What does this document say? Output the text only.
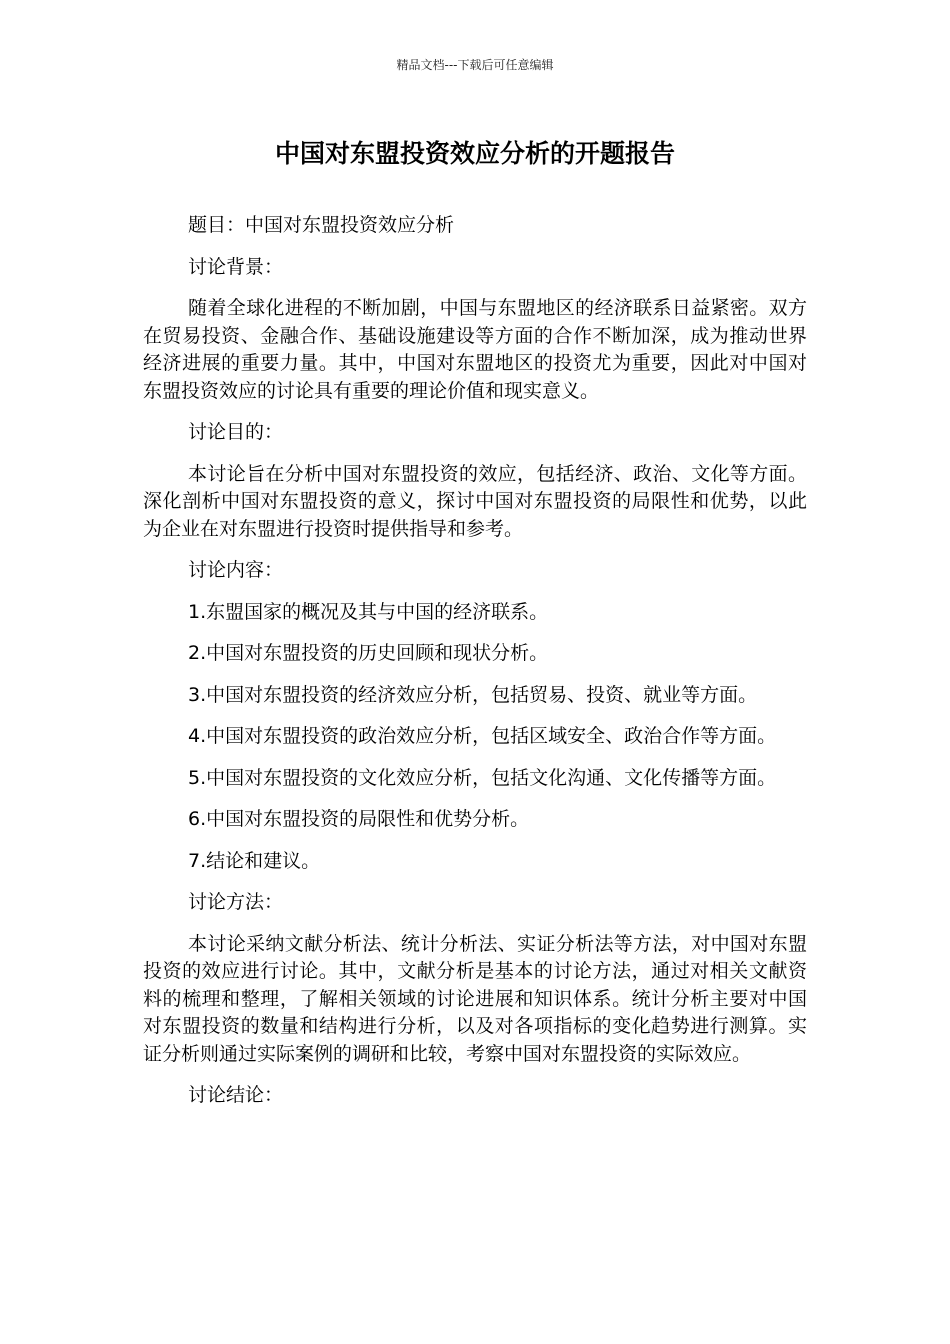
精品文档---下载后可任意编辑
中国对东盟投资效应分析的开题报告

题目：中国对东盟投资效应分析

讨论背景：

随着全球化进程的不断加剧，中国与东盟地区的经济联系日益紧密。双方在贸易投资、金融合作、基础设施建设等方面的合作不断加深，成为推动世界经济进展的重要力量。其中，中国对东盟地区的投资尤为重要，因此对中国对东盟投资效应的讨论具有重要的理论价值和现实意义。

讨论目的：

本讨论旨在分析中国对东盟投资的效应，包括经济、政治、文化等方面。深化剖析中国对东盟投资的意义，探讨中国对东盟投资的局限性和优势，以此为企业在对东盟进行投资时提供指导和参考。

讨论内容：

1.东盟国家的概况及其与中国的经济联系。

2.中国对东盟投资的历史回顾和现状分析。

3.中国对东盟投资的经济效应分析，包括贸易、投资、就业等方面。

4.中国对东盟投资的政治效应分析，包括区域安全、政治合作等方面。

5.中国对东盟投资的文化效应分析，包括文化沟通、文化传播等方面。

6.中国对东盟投资的局限性和优势分析。

7.结论和建议。

讨论方法：

本讨论采纳文献分析法、统计分析法、实证分析法等方法，对中国对东盟投资的效应进行讨论。其中，文献分析是基本的讨论方法，通过对相关文献资料的梳理和整理，了解相关领域的讨论进展和知识体系。统计分析主要对中国对东盟投资的数量和结构进行分析，以及对各项指标的变化趋势进行测算。实证分析则通过实际案例的调研和比较，考察中国对东盟投资的实际效应。

讨论结论：
